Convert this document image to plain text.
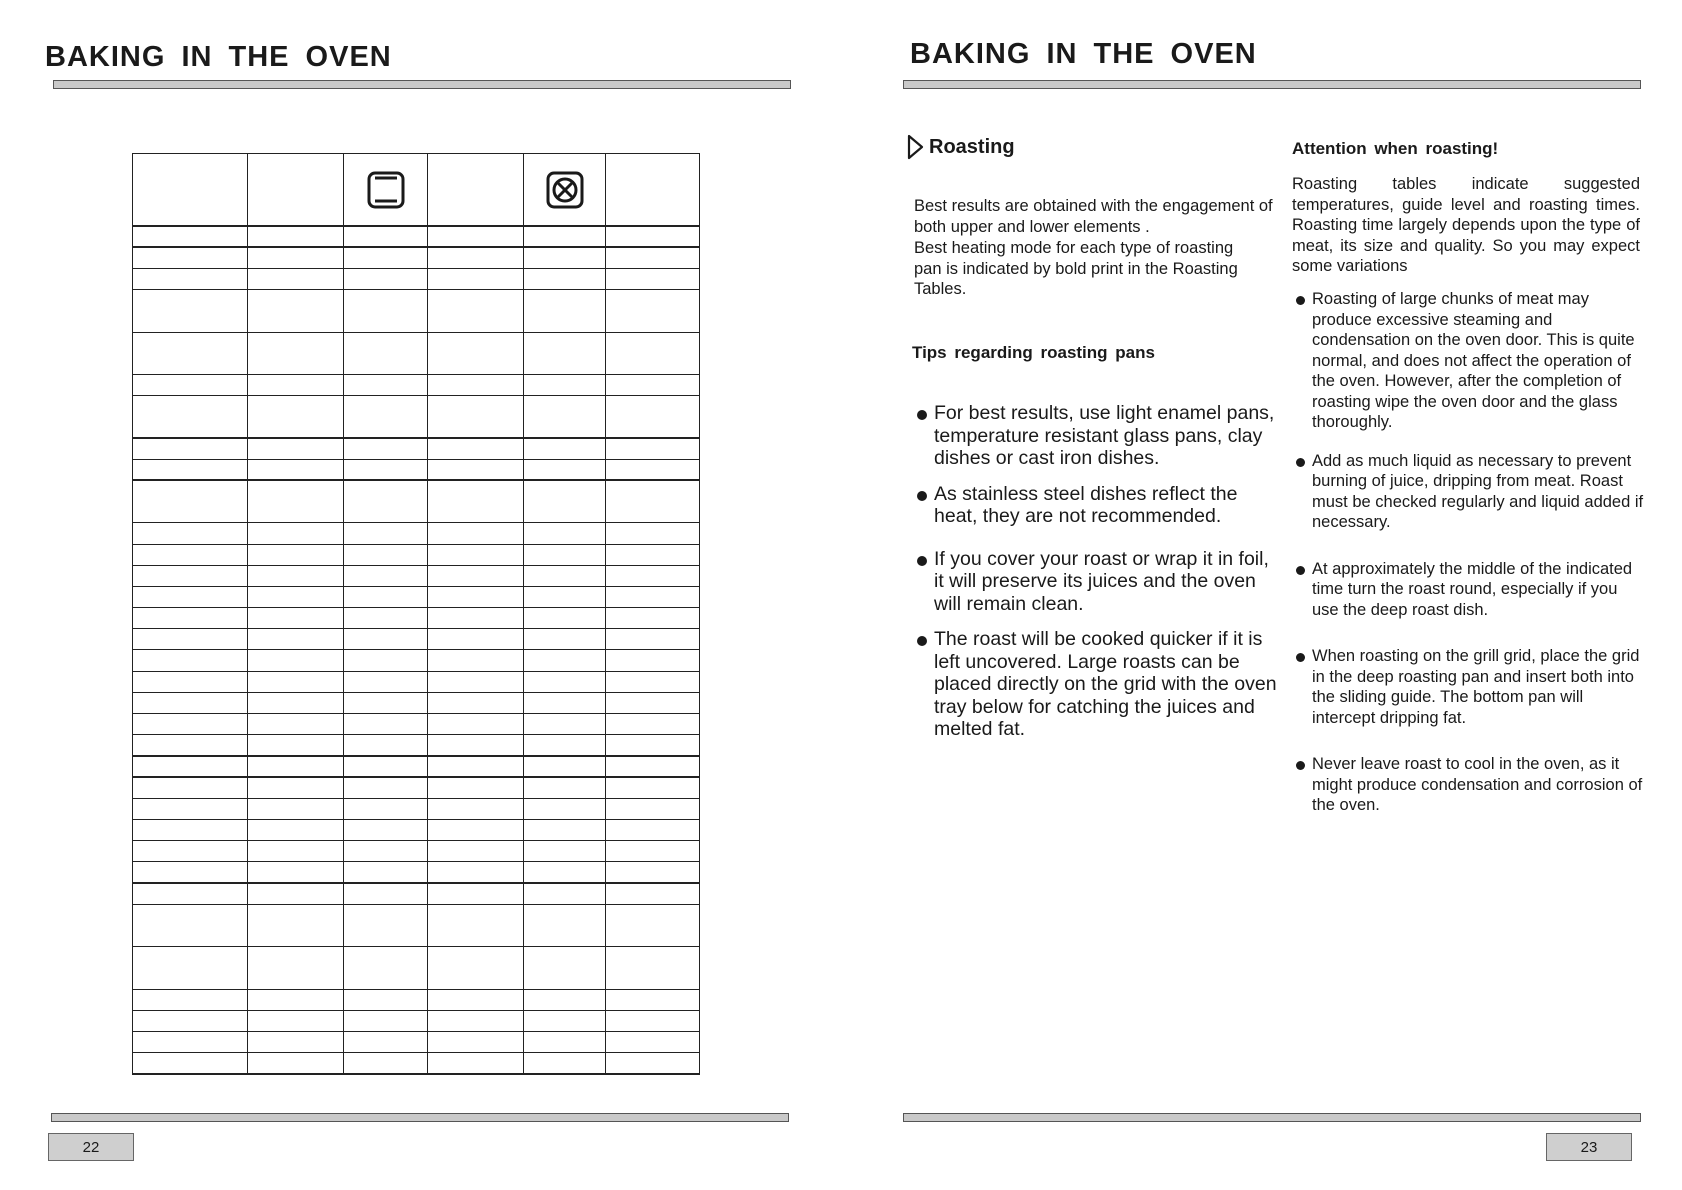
BAKING IN THE OVEN

22
BAKING IN THE OVEN
Roasting

Best results are obtained with the engagement of both upper and lower elements .

Best heating mode for each type of roasting pan is indicated by bold print in the Roasting Tables.

Tips regarding roasting pans
For best results, use light enamel pans, temperature resistant glass pans, clay dishes or cast iron dishes.
As stainless steel dishes reflect the heat, they are not recommended.
If you cover your roast or wrap it in foil, it will preserve its juices and the oven will remain clean.
The roast will be cooked quicker if it is left uncovered. Large roasts can be placed directly on the grid with the oven tray below for catching the juices and melted fat.
Attention when roasting!

Roasting tables indicate suggested temperatures, guide level and roasting times. Roasting time largely depends upon the type of meat, its size and quality. So you may expect some variations

Roasting of large chunks of meat may produce excessive steaming and condensation on the oven door. This is quite normal, and does not affect the operation of the oven. However, after the completion of roasting wipe the oven door and the glass thoroughly.
Add as much liquid as necessary to prevent burning of juice, dripping from meat. Roast must be checked regularly and liquid added if necessary.
At approximately the middle of the indicated time turn the roast round, especially if you use the deep roast dish.
When roasting on the grill grid, place the grid in the deep roasting pan and insert both into the sliding guide. The bottom pan will intercept dripping fat.
Never leave roast to cool in the oven, as it might produce condensation and corrosion of the oven.
23
